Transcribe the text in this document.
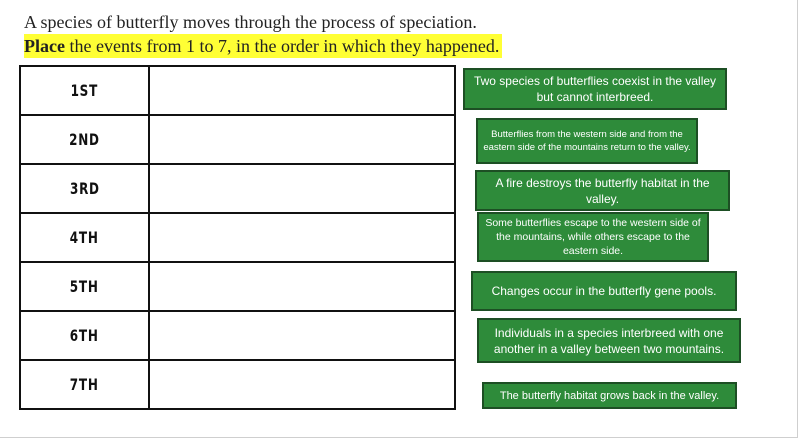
A species of butterfly moves through the process of speciation.
Place the events from 1 to 7, in the order in which they happened.
1ST	
2ND	
3RD	
4TH	
5TH	
6TH	
7TH	
Two species of butterflies coexist in the valley but cannot interbreed.
Butterflies from the western side and from the eastern side of the mountains return to the valley.
A fire destroys the butterfly habitat in the valley.
Some butterflies escape to the western side of the mountains, while others escape to the eastern side.
Changes occur in the butterfly gene pools.
Individuals in a species interbreed with one another in a valley between two mountains.
The butterfly habitat grows back in the valley.
